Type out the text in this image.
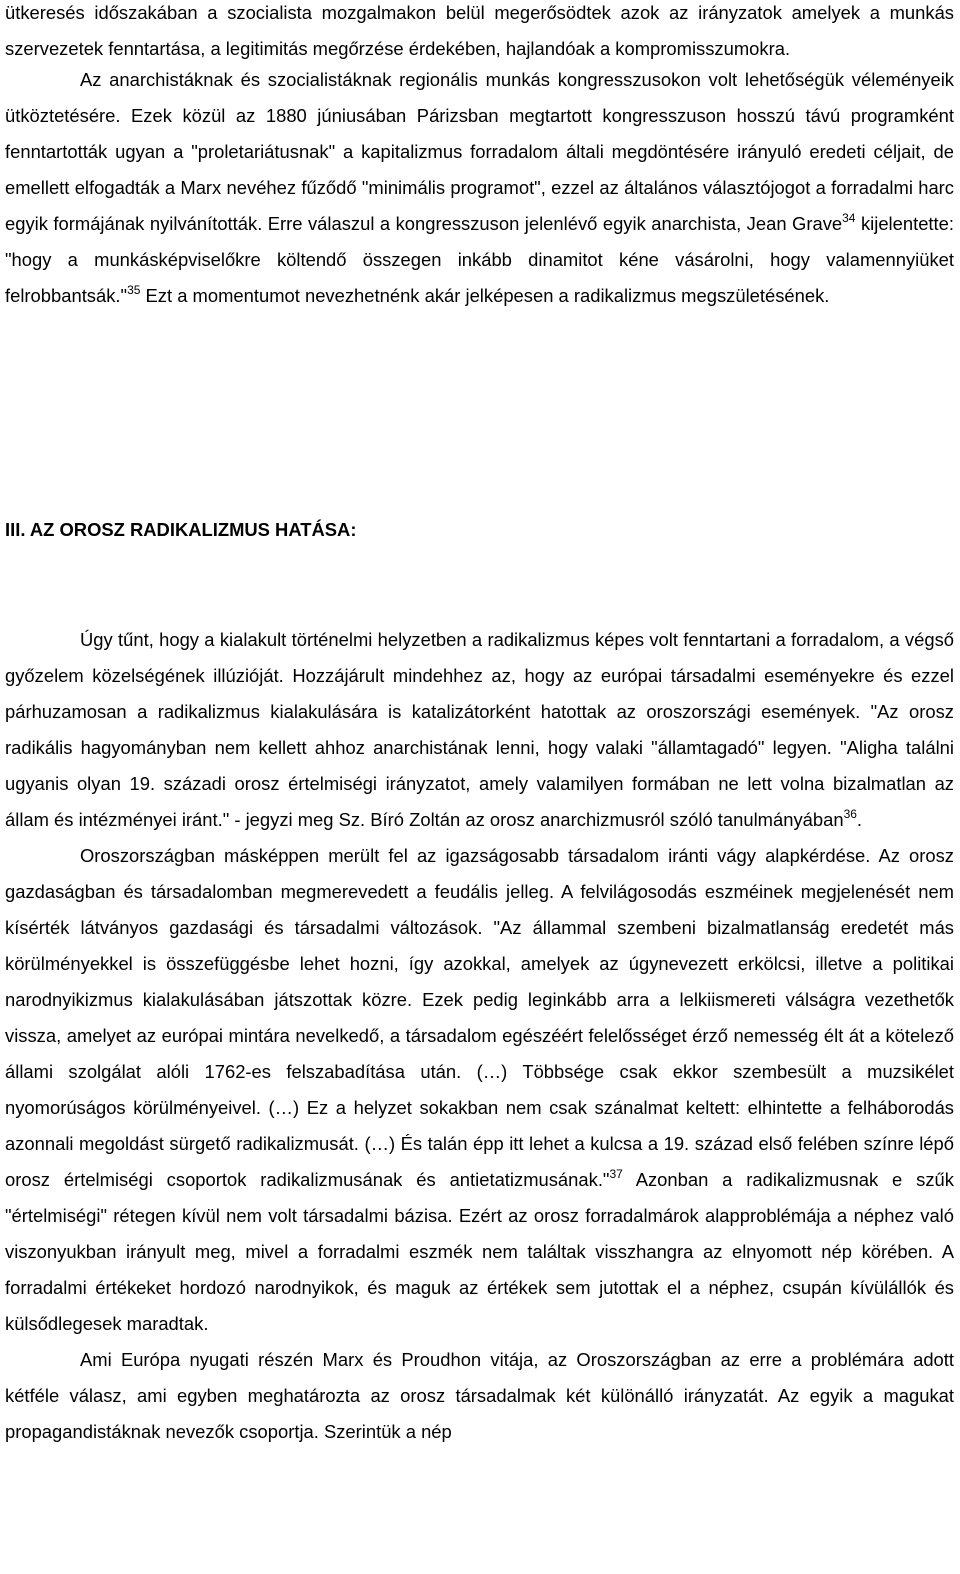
ütkeresés időszakában a szocialista mozgalmakon belül megerősödtek azok az irányzatok amelyek a munkás szervezetek fenntartása, a legitimitás megőrzése érdekében, hajlandóak a kompromisszumokra.

Az anarchistáknak és szocialistáknak regionális munkás kongresszusokon volt lehetőségük véleményeik ütköztetésére. Ezek közül az 1880 júniusában Párizsban megtartott kongresszuson hosszú távú programként fenntartották ugyan a "proletariátusnak" a kapitalizmus forradalom általi megdöntésére irányuló eredeti céljait, de emellett elfogadták a Marx nevéhez fűződő "minimális programot", ezzel az általános választójogot a forradalmi harc egyik formájának nyilvánították. Erre válaszul a kongresszuson jelenlévő egyik anarchista, Jean Grave$^{34}$ kijelentette: "hogy a munkásképviselőkre költendő összegen inkább dinamitot kéne vásárolni, hogy valamennyiüket felrobbantsák."$^{35}$ Ezt a momentumot nevezhetnénk akár jelképesen a radikalizmus megszületésének.

III. AZ OROSZ RADIKALIZMUS HATÁSA:

Úgy tűnt, hogy a kialakult történelmi helyzetben a radikalizmus képes volt fenntartani a forradalom, a végső győzelem közelségének illúzióját. Hozzájárult mindehhez az, hogy az európai társadalmi eseményekre és ezzel párhuzamosan a radikalizmus kialakulására is katalizátorként hatottak az oroszországi események. "Az orosz radikális hagyományban nem kellett ahhoz anarchistának lenni, hogy valaki "államtagadó" legyen. "Aligha találni ugyanis olyan 19. századi orosz értelmiségi irányzatot, amely valamilyen formában ne lett volna bizalmatlan az állam és intézményei iránt." - jegyzi meg Sz. Bíró Zoltán az orosz anarchizmusról szóló tanulmányában$^{36}$.

Oroszországban másképpen merült fel az igazságosabb társadalom iránti vágy alapkérdése. Az orosz gazdaságban és társadalomban megmerevedett a feudális jelleg. A felvilágosodás eszméinek megjelenését nem kísérték látványos gazdasági és társadalmi változások. "Az állammal szembeni bizalmatlanság eredetét más körülményekkel is összefüggésbe lehet hozni, így azokkal, amelyek az úgynevezett erkölcsi, illetve a politikai narodnyikizmus kialakulásában játszottak közre. Ezek pedig leginkább arra a lelkiismereti válságra vezethetők vissza, amelyet az európai mintára nevelkedő, a társadalom egészéért felelősséget érző nemesség élt át a kötelező állami szolgálat alóli 1762-es felszabadítása után. (…) Többsége csak ekkor szembesült a muzsikélet nyomorúságos körülményeivel. (…) Ez a helyzet sokakban nem csak szánalmat keltett: elhintette a felháborodás azonnali megoldást sürgető radikalizmusát. (…) És talán épp itt lehet a kulcsa a 19. század első felében színre lépő orosz értelmiségi csoportok radikalizmusának és antietatizmusának."$^{37}$ Azonban a radikalizmusnak e szűk "értelmiségi" rétegen kívül nem volt társadalmi bázisa. Ezért az orosz forradalmárok alapproblémája a néphez való viszonyukban irányult meg, mivel a forradalmi eszmék nem találtak visszhangra az elnyomott nép körében. A forradalmi értékeket hordozó narodnyikok, és maguk az értékek sem jutottak el a néphez, csupán kívülállók és külsődlegesek maradtak.

Ami Európa nyugati részén Marx és Proudhon vitája, az Oroszországban az erre a problémára adott kétféle válasz, ami egyben meghatározta az orosz társadalmak két különálló irányzatát. Az egyik a magukat propagandistáknak nevezők csoportja. Szerintük a nép
